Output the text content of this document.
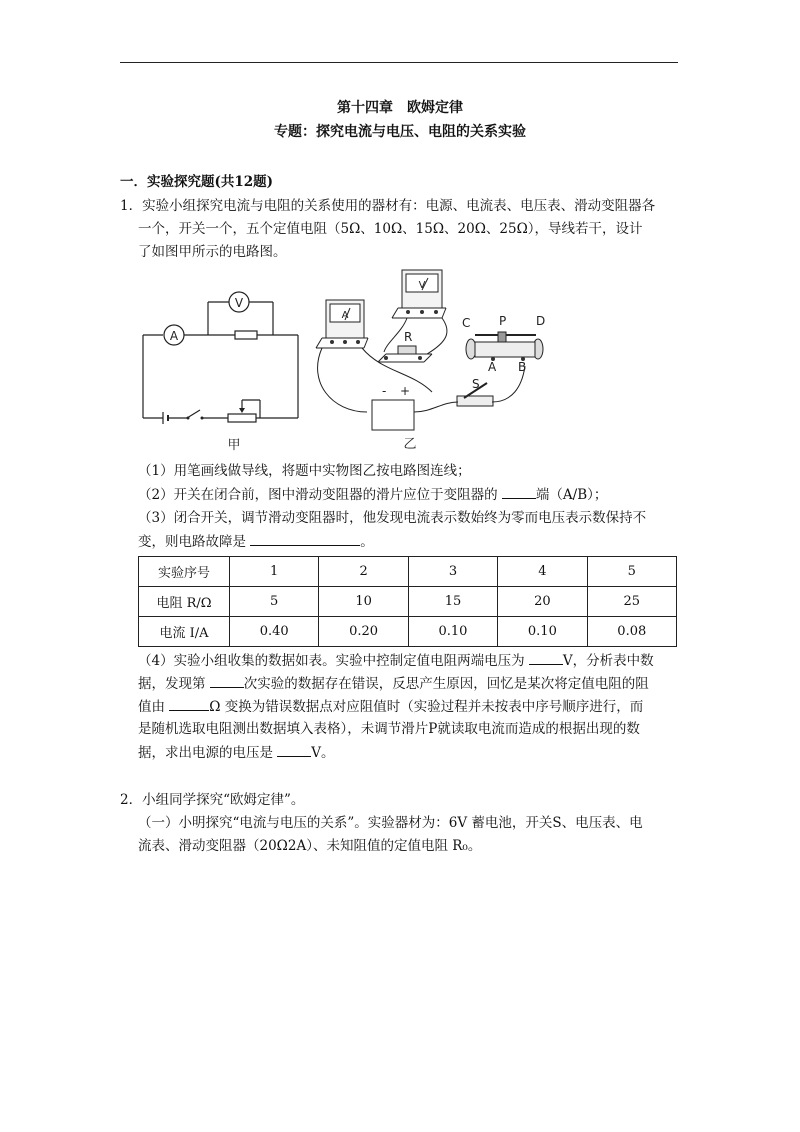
第十四章　欧姆定律
专题：探究电流与电压、电阻的关系实验
一．实验探究题(共12题)
1．实验小组探究电流与电阻的关系使用的器材有：电源、电流表、电压表、滑动变阻器各
一个，开关一个，五个定值电阻（5Ω、10Ω、15Ω、20Ω、25Ω），导线若干，设计
了如图甲所示的电路图。
A
V
甲
A
V
R
S
C P D
A B
- +
乙
（1）用笔画线做导线，将题中实物图乙按电路图连线；
（2）开关在闭合前，图中滑动变阻器的滑片应位于变阻器的	端（A/B）；
（3）闭合开关，调节滑动变阻器时，他发现电流表示数始终为零而电压表示数保持不
变，则电路故障是	。
实验序号	1	2	3	4	5
电阻 R/Ω	5	10	15	20	25
电流 I/A	0.40	0.20	0.10	0.10	0.08
（4）实验小组收集的数据如表。实验中控制定值电阻两端电压为	V，分析表中数
据，发现第	次实验的数据存在错误，反思产生原因，回忆是某次将定值电阻的阻
值由	Ω 变换为错误数据点对应阻值时（实验过程并未按表中序号顺序进行，而
是随机选取电阻测出数据填入表格），未调节滑片P就读取电流而造成的根据出现的数
据，求出电源的电压是	V。
2．小组同学探究“欧姆定律”。
（一）小明探究“电流与电压的关系”。实验器材为：6V 蓄电池，开关S、电压表、电
流表、滑动变阻器（20Ω2A）、未知阻值的定值电阻 R₀。
